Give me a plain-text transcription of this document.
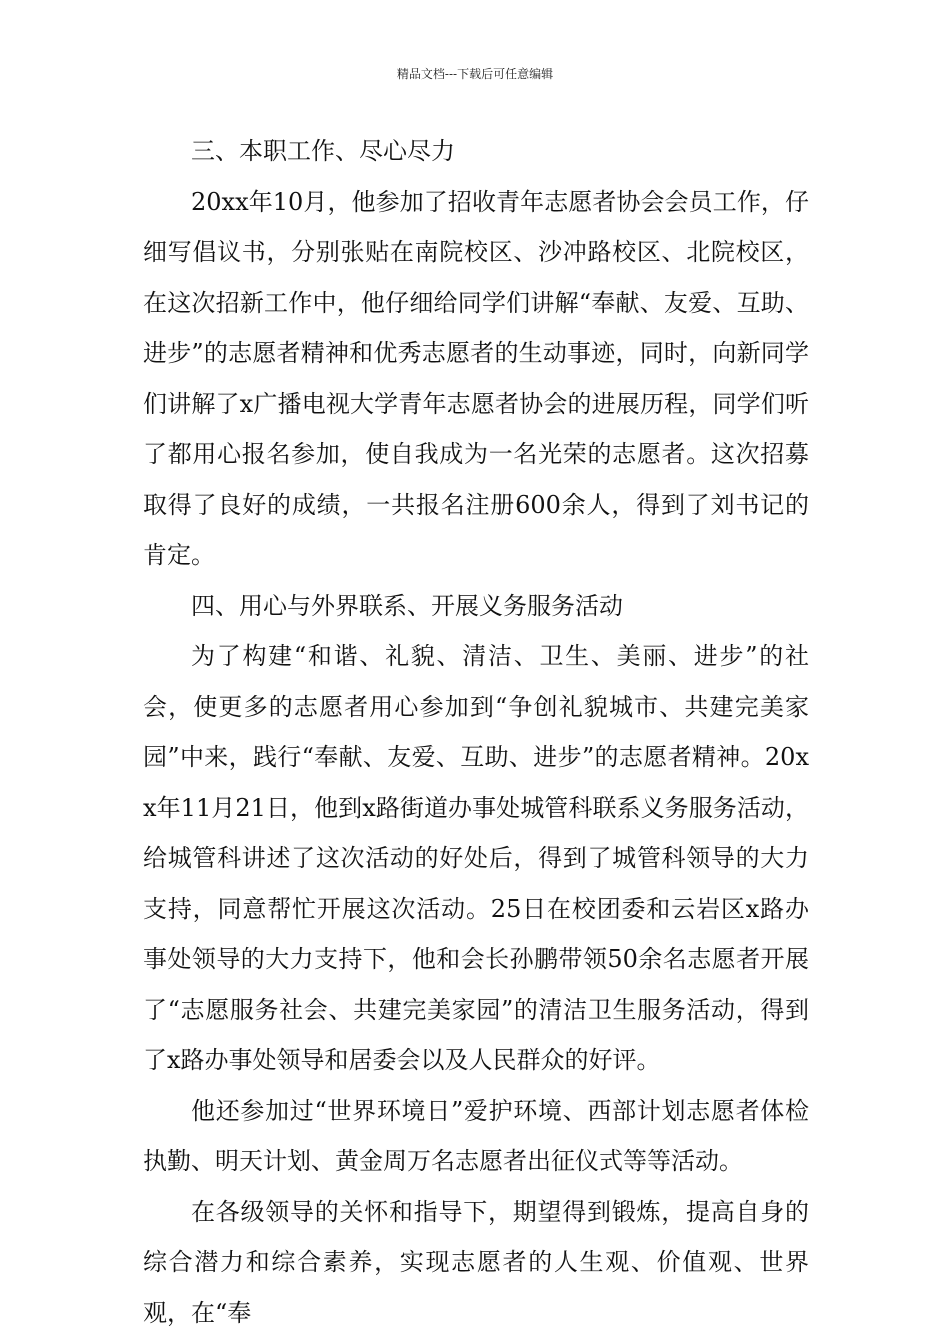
精品文档---下载后可任意编辑

三、本职工作、尽心尽力

20xx年10月，他参加了招收青年志愿者协会会员工作，仔细写倡议书，分别张贴在南院校区、沙冲路校区、北院校区，在这次招新工作中，他仔细给同学们讲解“奉献、友爱、互助、进步”的志愿者精神和优秀志愿者的生动事迹，同时，向新同学们讲解了x广播电视大学青年志愿者协会的进展历程，同学们听了都用心报名参加，使自我成为一名光荣的志愿者。这次招募取得了良好的成绩，一共报名注册600余人，得到了刘书记的肯定。

四、用心与外界联系、开展义务服务活动

为了构建“和谐、礼貌、清洁、卫生、美丽、进步”的社会，使更多的志愿者用心参加到“争创礼貌城市、共建完美家园”中来，践行“奉献、友爱、互助、进步”的志愿者精神。20xx年11月21日，他到x路街道办事处城管科联系义务服务活动，给城管科讲述了这次活动的好处后，得到了城管科领导的大力支持，同意帮忙开展这次活动。25日在校团委和云岩区x路办事处领导的大力支持下，他和会长孙鹏带领50余名志愿者开展了“志愿服务社会、共建完美家园”的清洁卫生服务活动，得到了x路办事处领导和居委会以及人民群众的好评。

他还参加过“世界环境日”爱护环境、西部计划志愿者体检执勤、明天计划、黄金周万名志愿者出征仪式等等活动。

在各级领导的关怀和指导下，期望得到锻炼，提高自身的综合潜力和综合素养，实现志愿者的人生观、价值观、世界观，在“奉
